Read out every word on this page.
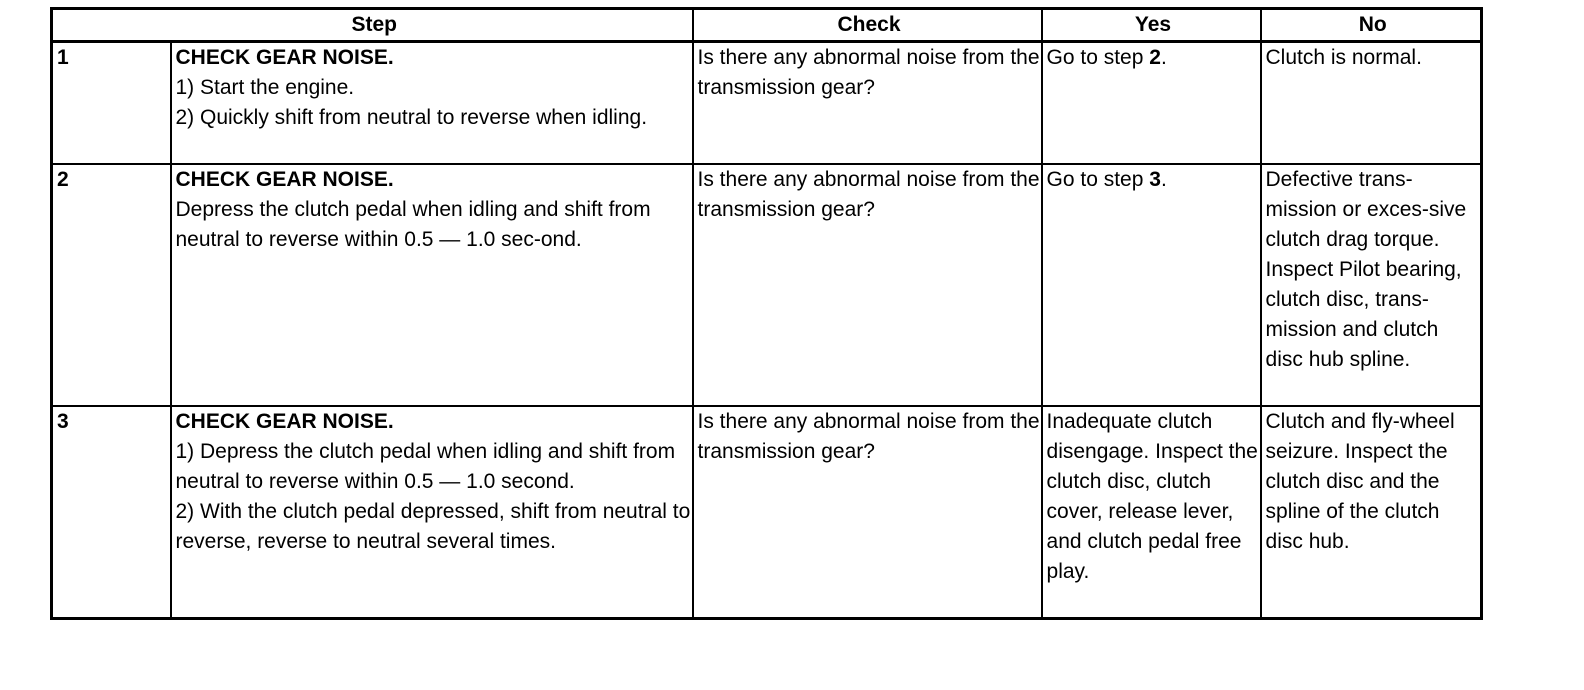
Step		Check	Yes	No
1	CHECK GEAR NOISE.
1) Start the engine.
2) Quickly shift from neutral to reverse when idling.	Is there any abnormal noise from the transmission gear?	Go to step 2.	Clutch is normal.
2	CHECK GEAR NOISE.
Depress the clutch pedal when idling and shift from neutral to reverse within 0.5 — 1.0 sec-ond.	Is there any abnormal noise from the transmission gear?	Go to step 3.	Defective trans-mission or exces-sive clutch drag torque. Inspect Pilot bearing, clutch disc, trans-mission and clutch disc hub spline.
3	CHECK GEAR NOISE.
1) Depress the clutch pedal when idling and shift from neutral to reverse within 0.5 — 1.0 second.
2) With the clutch pedal depressed, shift from neutral to reverse, reverse to neutral several times.	Is there any abnormal noise from the transmission gear?	Inadequate clutch disengage. Inspect the clutch disc, clutch cover, release lever, and clutch pedal free play.	Clutch and fly-wheel seizure. Inspect the clutch disc and the spline of the clutch disc hub.
